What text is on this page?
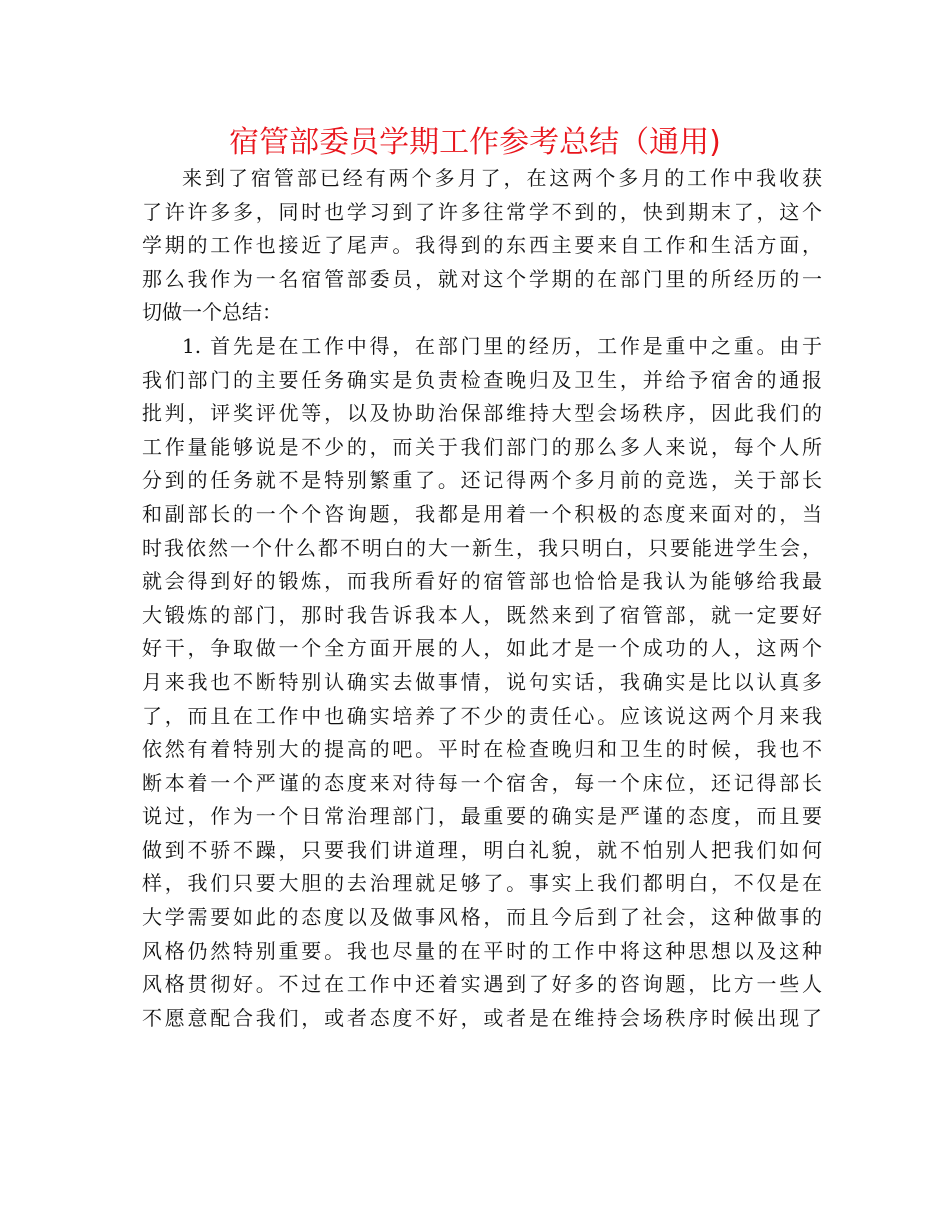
宿管部委员学期工作参考总结（通用)
来到了宿管部已经有两个多月了，在这两个多月的工作中我收获
了许许多多，同时也学习到了许多往常学不到的，快到期末了，这个
学期的工作也接近了尾声。我得到的东西主要来自工作和生活方面，
那么我作为一名宿管部委员，就对这个学期的在部门里的所经历的一
切做一个总结：
1. 首先是在工作中得，在部门里的经历，工作是重中之重。由于
我们部门的主要任务确实是负责检查晚归及卫生，并给予宿舍的通报
批判，评奖评优等，以及协助治保部维持大型会场秩序，因此我们的
工作量能够说是不少的，而关于我们部门的那么多人来说，每个人所
分到的任务就不是特别繁重了。还记得两个多月前的竞选，关于部长
和副部长的一个个咨询题，我都是用着一个积极的态度来面对的，当
时我依然一个什么都不明白的大一新生，我只明白，只要能进学生会，
就会得到好的锻炼，而我所看好的宿管部也恰恰是我认为能够给我最
大锻炼的部门，那时我告诉我本人，既然来到了宿管部，就一定要好
好干，争取做一个全方面开展的人，如此才是一个成功的人，这两个
月来我也不断特别认确实去做事情，说句实话，我确实是比以认真多
了，而且在工作中也确实培养了不少的责任心。应该说这两个月来我
依然有着特别大的提高的吧。平时在检查晚归和卫生的时候，我也不
断本着一个严谨的态度来对待每一个宿舍，每一个床位，还记得部长
说过，作为一个日常治理部门，最重要的确实是严谨的态度，而且要
做到不骄不躁，只要我们讲道理，明白礼貌，就不怕别人把我们如何
样，我们只要大胆的去治理就足够了。事实上我们都明白，不仅是在
大学需要如此的态度以及做事风格，而且今后到了社会，这种做事的
风格仍然特别重要。我也尽量的在平时的工作中将这种思想以及这种
风格贯彻好。不过在工作中还着实遇到了好多的咨询题，比方一些人
不愿意配合我们，或者态度不好，或者是在维持会场秩序时候出现了
